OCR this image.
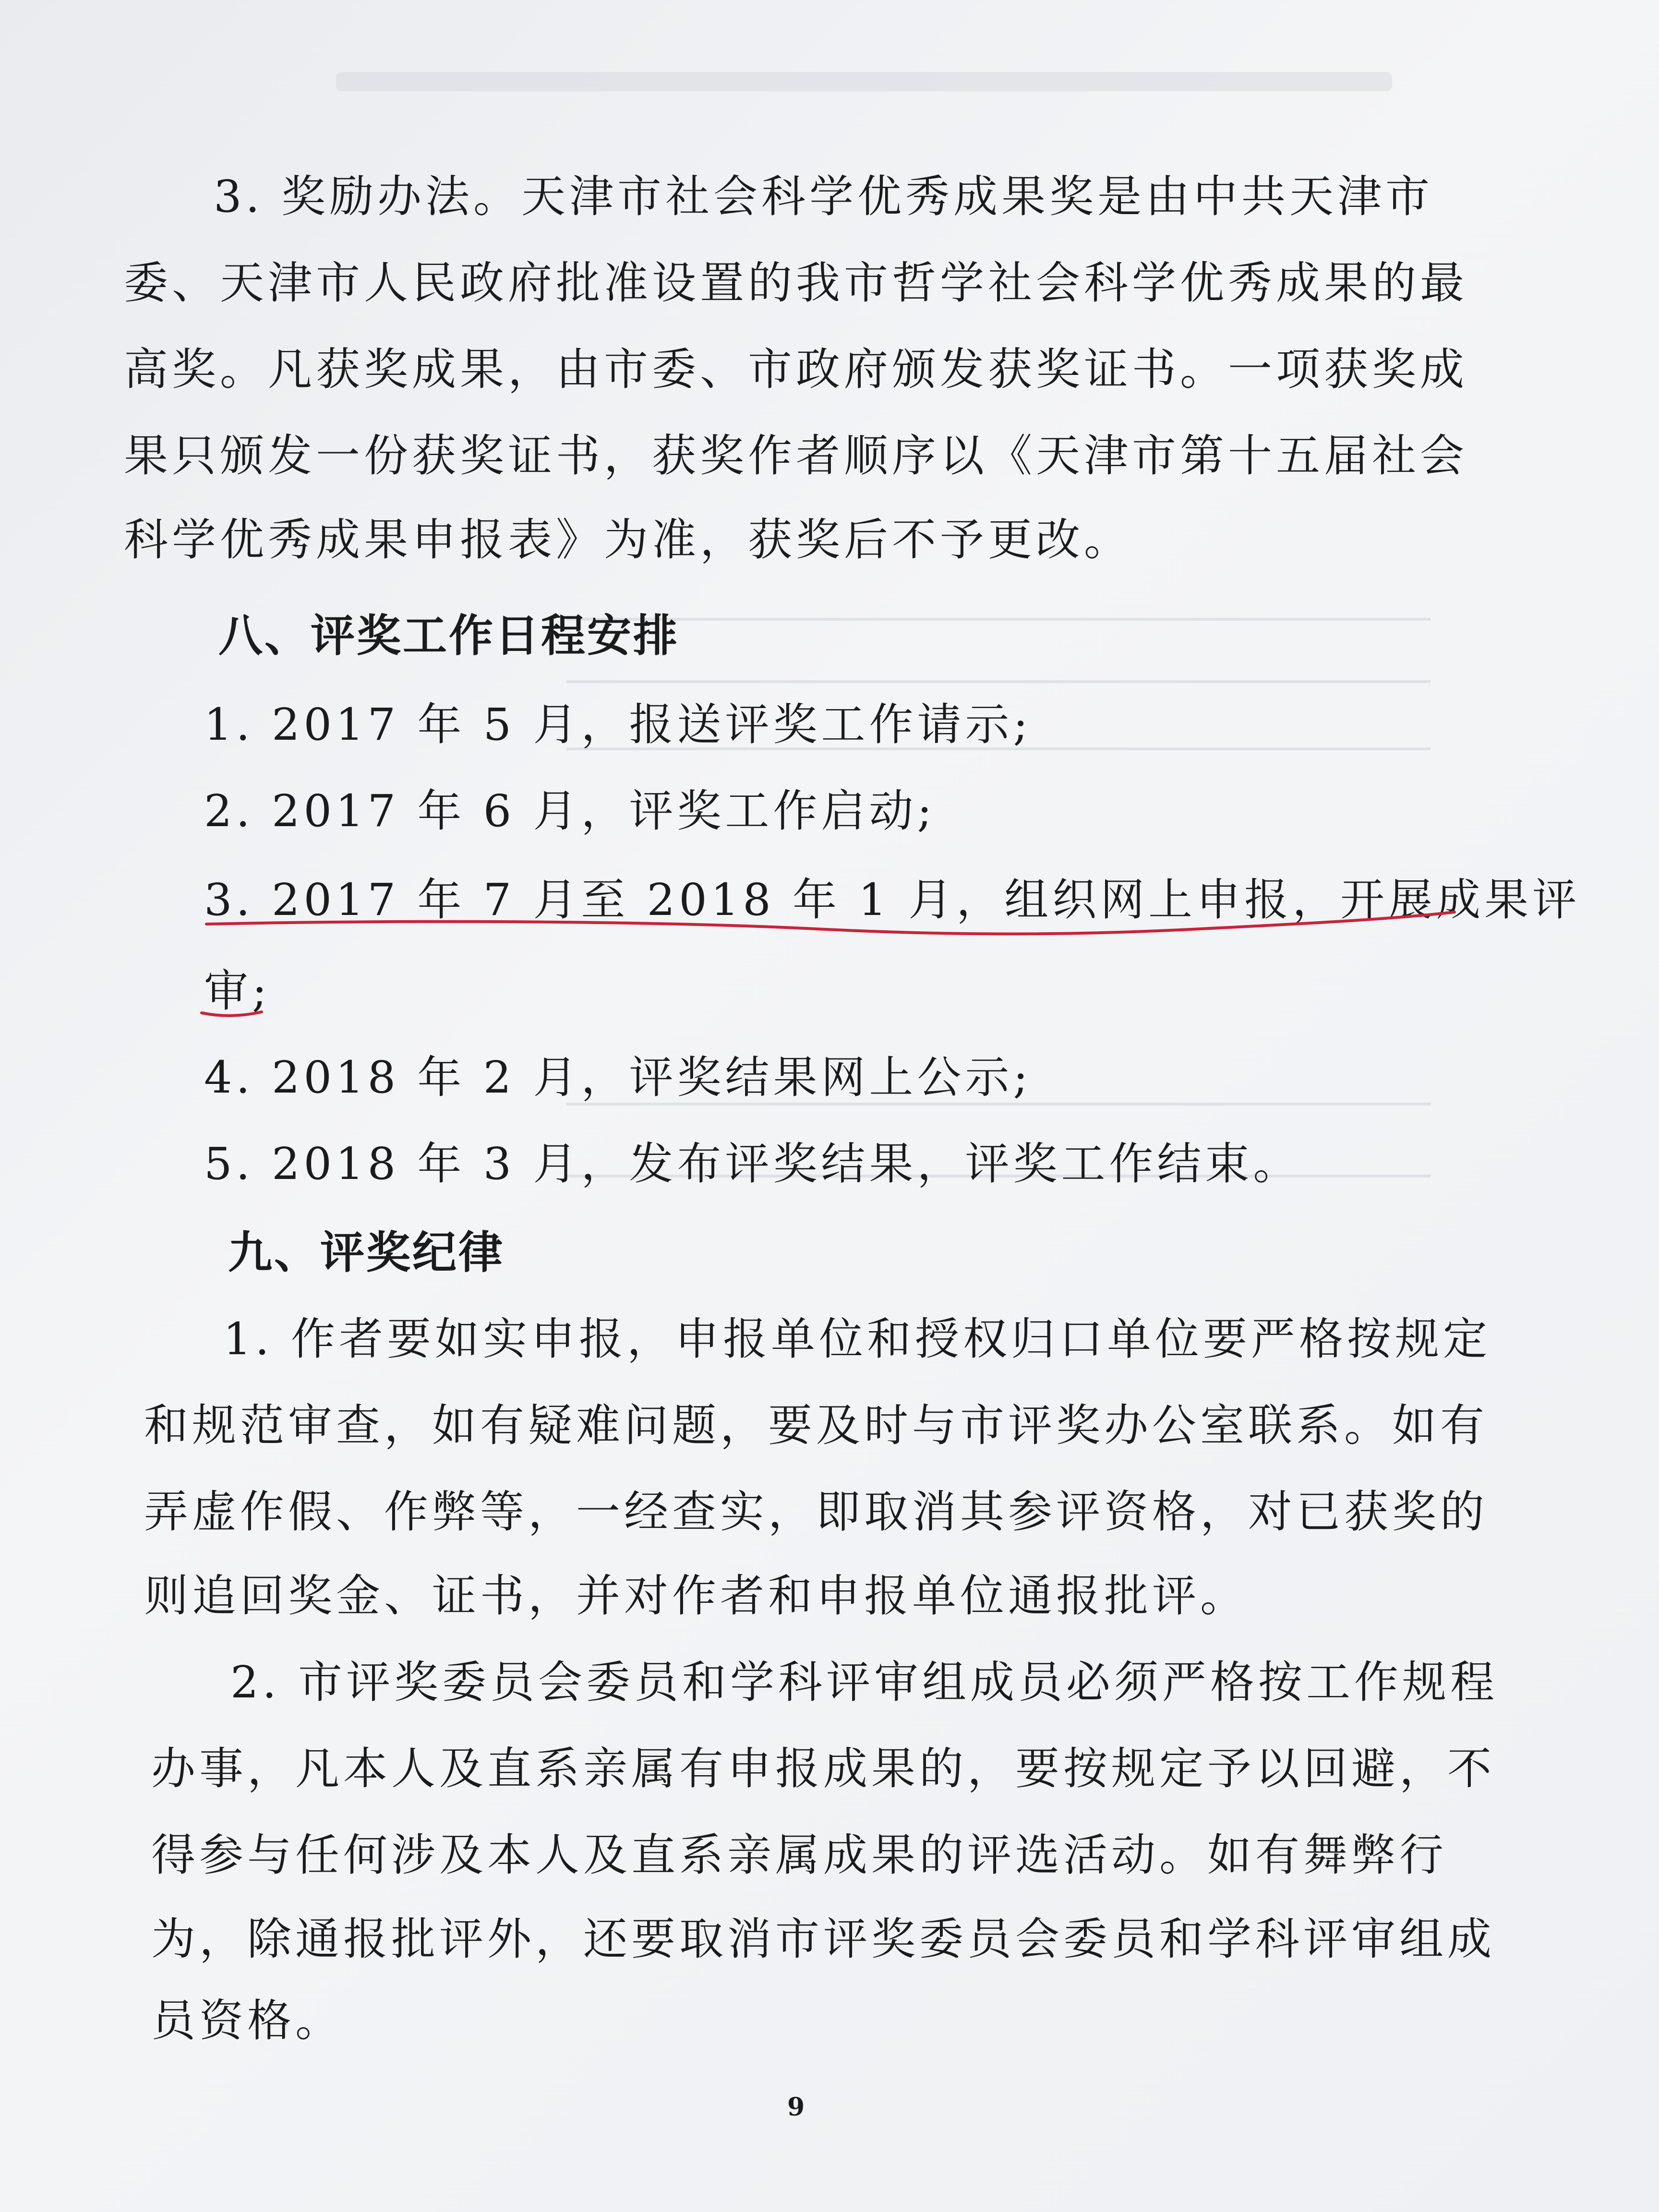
3. 奖励办法。天津市社会科学优秀成果奖是由中共天津市
委、天津市人民政府批准设置的我市哲学社会科学优秀成果的最
高奖。凡获奖成果，由市委、市政府颁发获奖证书。一项获奖成
果只颁发一份获奖证书，获奖作者顺序以《天津市第十五届社会
科学优秀成果申报表》为准，获奖后不予更改。
八、评奖工作日程安排
1. 2017 年 5 月，报送评奖工作请示;
2. 2017 年 6 月，评奖工作启动;
3. 2017 年 7 月至 2018 年 1 月，组织网上申报，开展成果评
审;
4. 2018 年 2 月，评奖结果网上公示;
5. 2018 年 3 月，发布评奖结果，评奖工作结束。
九、评奖纪律
1. 作者要如实申报，申报单位和授权归口单位要严格按规定
和规范审查，如有疑难问题，要及时与市评奖办公室联系。如有
弄虚作假、作弊等，一经查实，即取消其参评资格，对已获奖的
则追回奖金、证书，并对作者和申报单位通报批评。
2. 市评奖委员会委员和学科评审组成员必须严格按工作规程
办事，凡本人及直系亲属有申报成果的，要按规定予以回避，不
得参与任何涉及本人及直系亲属成果的评选活动。如有舞弊行
为，除通报批评外，还要取消市评奖委员会委员和学科评审组成
员资格。
9
